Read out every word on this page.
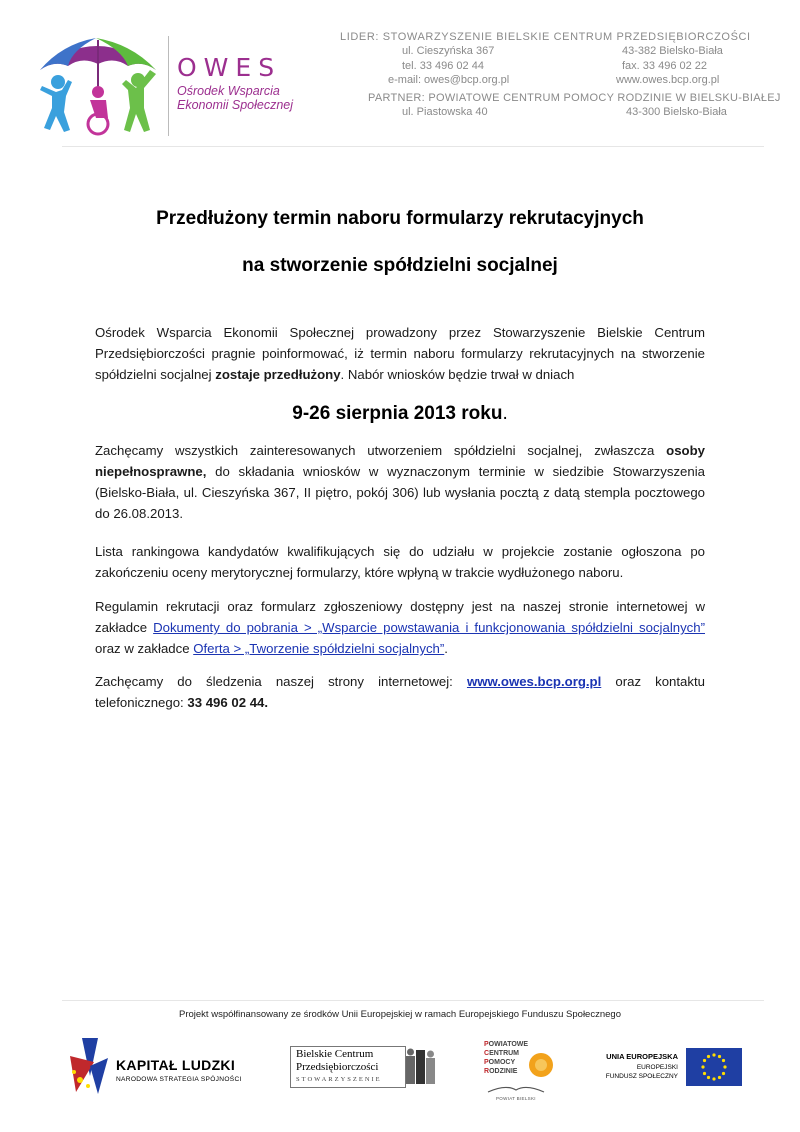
OWES
Ośrodek Wsparcia
Ekonomii Społecznej
LIDER: STOWARZYSZENIE BIELSKIE CENTRUM PRZEDSIĘBIORCZOŚCI
ul. Cieszyńska 367	43-382 Bielsko-Biała
tel. 33 496 02 44	fax. 33 496 02 22
e-mail: owes@bcp.org.pl	www.owes.bcp.org.pl
PARTNER: POWIATOWE CENTRUM POMOCY RODZINIE W BIELSKU-BIAŁEJ
ul. Piastowska 40	43-300 Bielsko-Biała
Przedłużony termin naboru formularzy rekrutacyjnych
na stworzenie spółdzielni socjalnej
Ośrodek Wsparcia Ekonomii Społecznej prowadzony przez Stowarzyszenie Bielskie Centrum Przedsiębiorczości pragnie poinformować, iż termin naboru formularzy rekrutacyjnych na stworzenie spółdzielni socjalnej zostaje przedłużony. Nabór wniosków będzie trwał w dniach
9-26 sierpnia 2013 roku.
Zachęcamy wszystkich zainteresowanych utworzeniem spółdzielni socjalnej, zwłaszcza osoby niepełnosprawne, do składania wniosków w wyznaczonym terminie w siedzibie Stowarzyszenia (Bielsko-Biała, ul. Cieszyńska 367, II piętro, pokój 306) lub wysłania pocztą z datą stempla pocztowego do 26.08.2013.
Lista rankingowa kandydatów kwalifikujących się do udziału w projekcie zostanie ogłoszona po zakończeniu oceny merytorycznej formularzy, które wpłyną w trakcie wydłużonego naboru.
Regulamin rekrutacji oraz formularz zgłoszeniowy dostępny jest na naszej stronie internetowej w zakładce Dokumenty do pobrania > „Wsparcie powstawania i funkcjonowania spółdzielni socjalnych” oraz w zakładce Oferta > „Tworzenie spółdzielni socjalnych”.
Zachęcamy do śledzenia naszej strony internetowej: www.owes.bcp.org.pl oraz kontaktu telefonicznego: 33 496 02 44.
Projekt współfinansowany ze środków Unii Europejskiej w ramach Europejskiego Funduszu Społecznego
KAPITAŁ LUDZKI
NARODOWA STRATEGIA SPÓJNOŚCI
Bielskie Centrum
Przedsiębiorczości
STOWARZYSZENIE
POWIATOWE
CENTRUM
POMOCY
RODZINIE
POWIAT BIELSKI
UNIA EUROPEJSKA
EUROPEJSKI
FUNDUSZ SPOŁECZNY
